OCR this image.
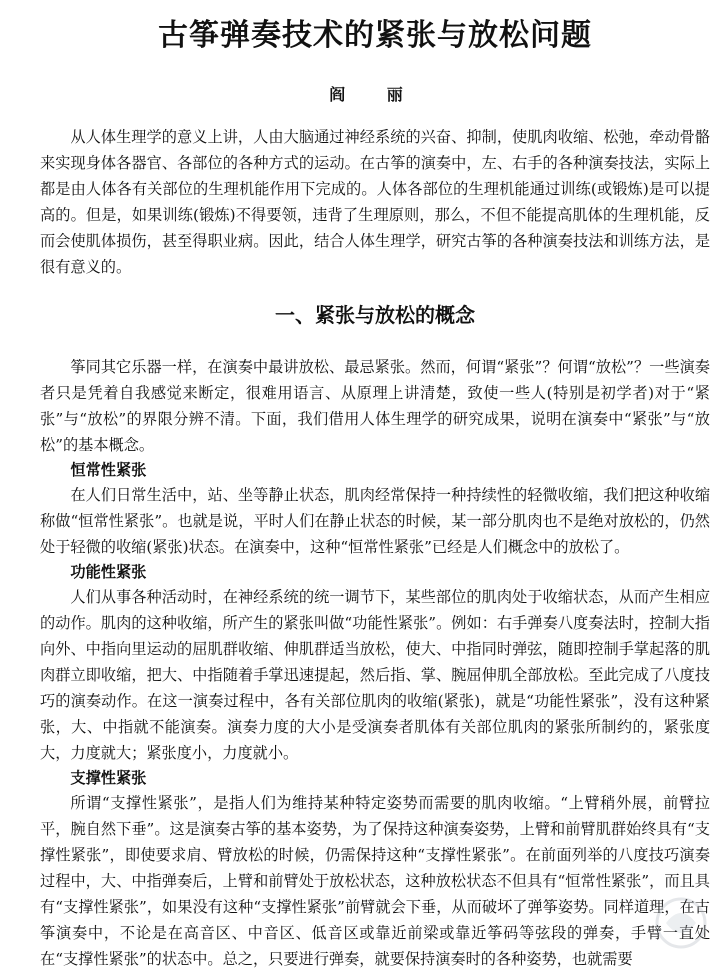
古筝弹奏技术的紧张与放松问题
阎 丽

从人体生理学的意义上讲，人由大脑通过神经系统的兴奋、抑制，使肌肉收缩、松弛，牵动骨骼来实现身体各器官、各部位的各种方式的运动。在古筝的演奏中，左、右手的各种演奏技法，实际上都是由人体各有关部位的生理机能作用下完成的。人体各部位的生理机能通过训练(或锻炼)是可以提高的。但是，如果训练(锻炼)不得要领，违背了生理原则，那么，不但不能提高肌体的生理机能，反而会使肌体损伤，甚至得职业病。因此，结合人体生理学，研究古筝的各种演奏技法和训练方法，是很有意义的。

一、紧张与放松的概念

筝同其它乐器一样，在演奏中最讲放松、最忌紧张。然而，何谓“紧张”？何谓“放松”？一些演奏者只是凭着自我感觉来断定，很难用语言、从原理上讲清楚，致使一些人(特别是初学者)对于“紧张”与“放松”的界限分辨不清。下面，我们借用人体生理学的研究成果，说明在演奏中“紧张”与“放松”的基本概念。

恒常性紧张

在人们日常生活中，站、坐等静止状态，肌肉经常保持一种持续性的轻微收缩，我们把这种收缩称做“恒常性紧张”。也就是说，平时人们在静止状态的时候，某一部分肌肉也不是绝对放松的，仍然处于轻微的收缩(紧张)状态。在演奏中，这种“恒常性紧张”已经是人们概念中的放松了。

功能性紧张

人们从事各种活动时，在神经系统的统一调节下，某些部位的肌肉处于收缩状态，从而产生相应的动作。肌肉的这种收缩，所产生的紧张叫做“功能性紧张”。例如：右手弹奏八度奏法时，控制大指向外、中指向里运动的屈肌群收缩、伸肌群适当放松，使大、中指同时弹弦，随即控制手掌起落的肌肉群立即收缩，把大、中指随着手掌迅速提起，然后指、掌、腕屈伸肌全部放松。至此完成了八度技巧的演奏动作。在这一演奏过程中，各有关部位肌肉的收缩(紧张)，就是“功能性紧张”，没有这种紧张，大、中指就不能演奏。演奏力度的大小是受演奏者肌体有关部位肌肉的紧张所制约的，紧张度大，力度就大；紧张度小，力度就小。

支撑性紧张

所谓“支撑性紧张”，是指人们为维持某种特定姿势而需要的肌肉收缩。“上臂稍外展，前臂拉平，腕自然下垂”。这是演奏古筝的基本姿势，为了保持这种演奏姿势，上臂和前臂肌群始终具有“支撑性紧张”，即使要求肩、臂放松的时候，仍需保持这种“支撑性紧张”。在前面列举的八度技巧演奏过程中，大、中指弹奏后，上臂和前臂处于放松状态，这种放松状态不但具有“恒常性紧张”，而且具有“支撑性紧张”，如果没有这种“支撑性紧张”前臂就会下垂，从而破坏了弹筝姿势。同样道理，在古筝演奏中，不论是在高音区、中音区、低音区或靠近前梁或靠近筝码等弦段的弹奏，手臂一直处在“支撑性紧张”的状态中。总之，只要进行弹奏，就要保持演奏时的各种姿势，也就需要
